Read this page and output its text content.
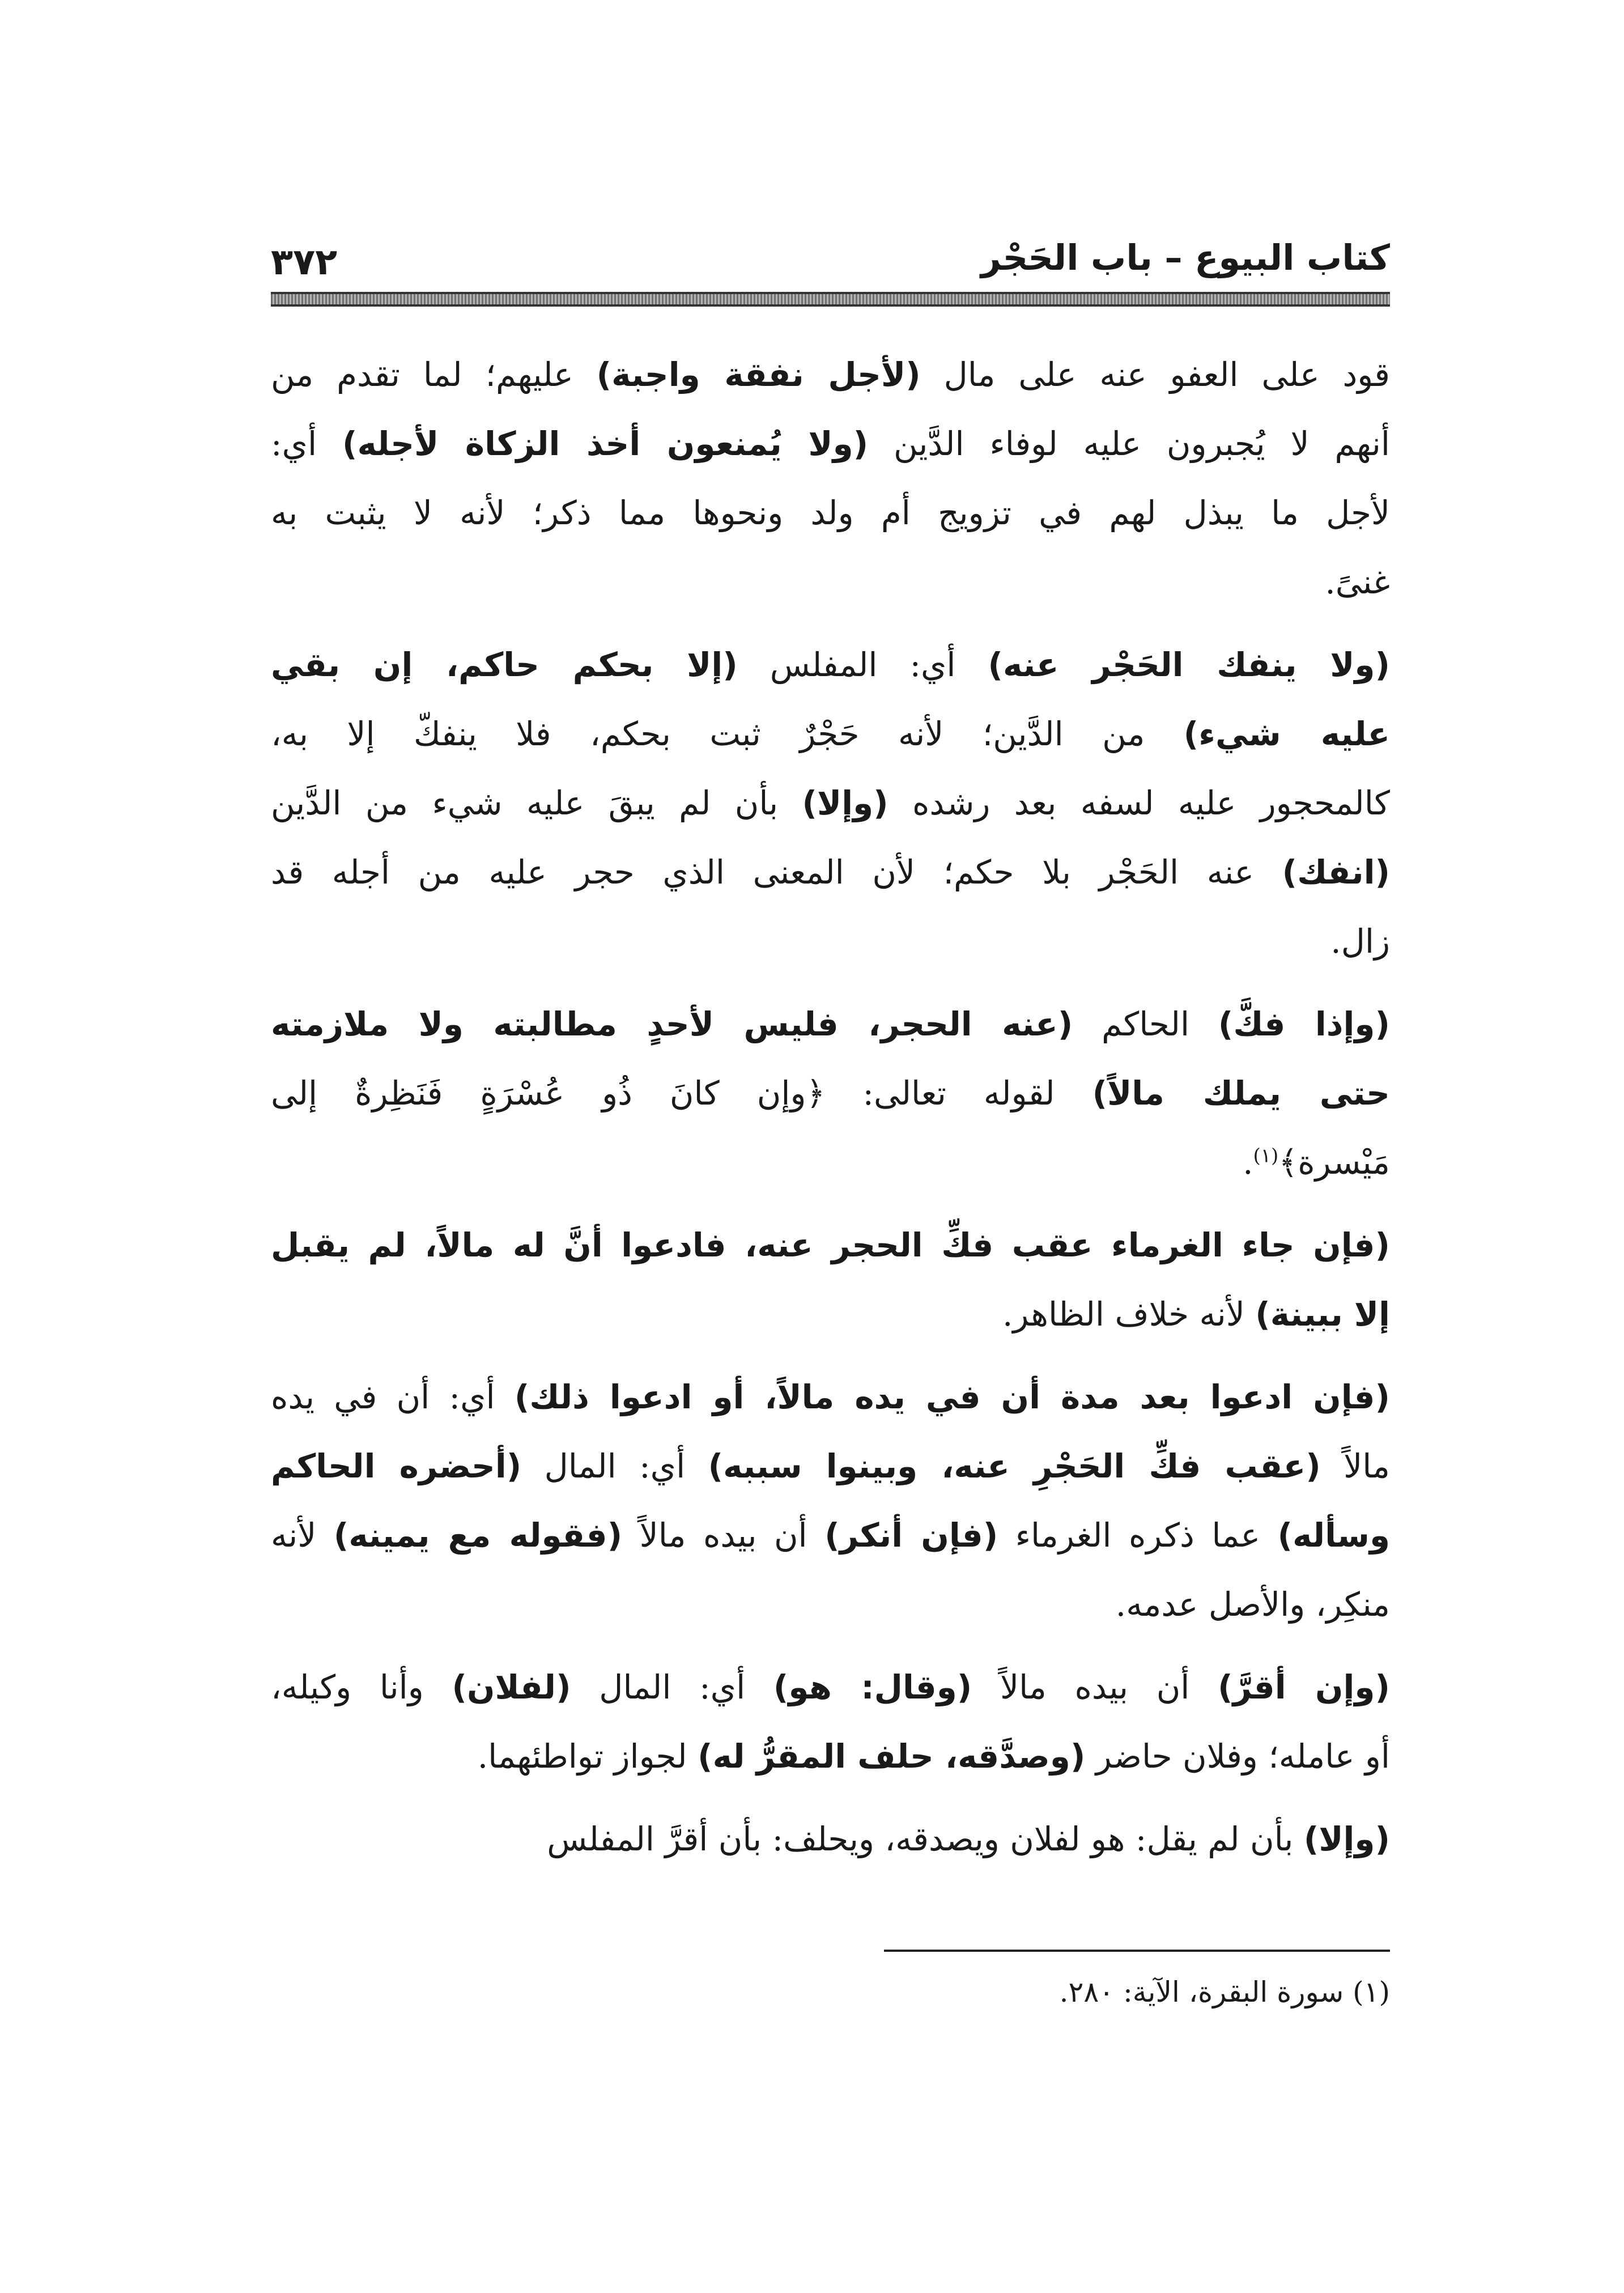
كتاب البيوع – باب الحَجْر
٣٧٢
قود على العفو عنه على مال (لأجل نفقة واجبة) عليهم؛ لما تقدم من
أنهم لا يُجبرون عليه لوفاء الدَّين (ولا يُمنعون أخذ الزكاة لأجله) أي:
لأجل ما يبذل لهم في تزويج أم ولد ونحوها مما ذكر؛ لأنه لا يثبت به
غنىً.
(ولا ينفك الحَجْر عنه) أي: المفلس (إلا بحكم حاكم، إن بقي
عليه شيء) من الدَّين؛ لأنه حَجْرٌ ثبت بحكم، فلا ينفكّ إلا به،
كالمحجور عليه لسفه بعد رشده (وإلا) بأن لم يبقَ عليه شيء من الدَّين
(انفك) عنه الحَجْر بلا حكم؛ لأن المعنى الذي حجر عليه من أجله قد
زال.
(وإذا فكَّ) الحاكم (عنه الحجر، فليس لأحدٍ مطالبته ولا ملازمته
حتى يملك مالاً) لقوله تعالى: ﴿وإن كانَ ذُو عُسْرَةٍ فَنَظِرةٌ إلى
مَيْسرة﴾$^{(١)}$.
(فإن جاء الغرماء عقب فكِّ الحجر عنه، فادعوا أنَّ له مالاً، لم يقبل
إلا ببينة) لأنه خلاف الظاهر.
(فإن ادعوا بعد مدة أن في يده مالاً، أو ادعوا ذلك) أي: أن في يده
مالاً (عقب فكِّ الحَجْرِ عنه، وبينوا سببه) أي: المال (أحضره الحاكم
وسأله) عما ذكره الغرماء (فإن أنكر) أن بيده مالاً (فقوله مع يمينه) لأنه
منكِر، والأصل عدمه.
(وإن أقرَّ) أن بيده مالاً (وقال: هو) أي: المال (لفلان) وأنا وكيله،
أو عامله؛ وفلان حاضر (وصدَّقه، حلف المقرُّ له) لجواز تواطئهما.
(وإلا) بأن لم يقل: هو لفلان ويصدقه، ويحلف: بأن أقرَّ المفلس
(١) سورة البقرة، الآية: ٢٨٠.
